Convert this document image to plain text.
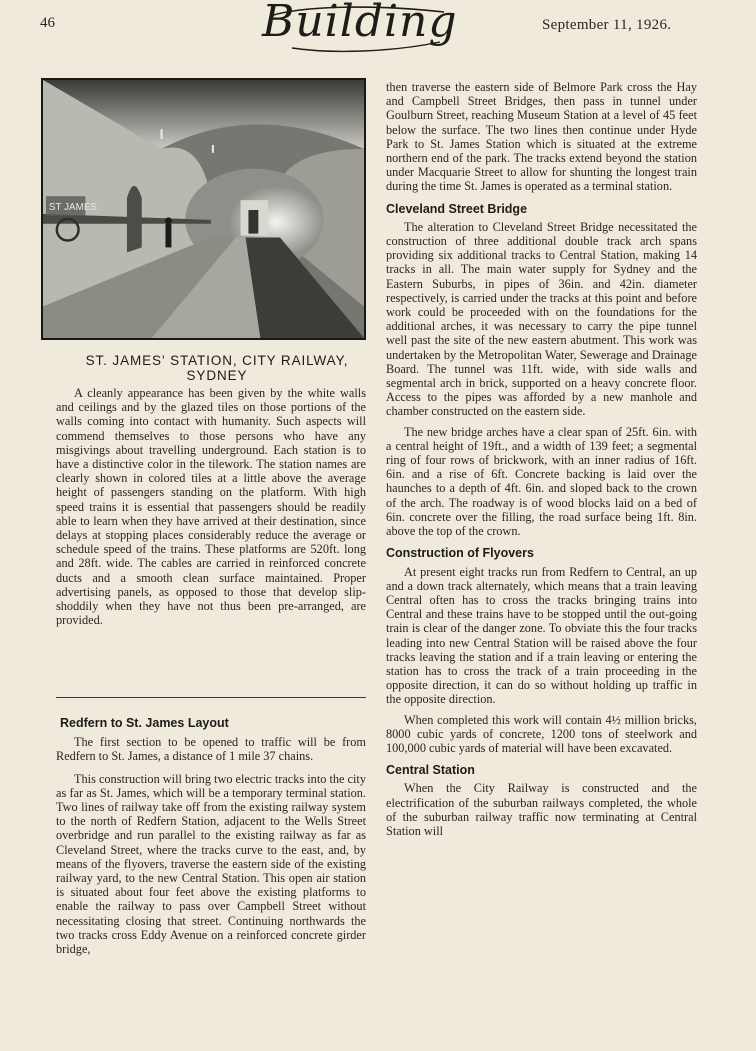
46	Building	September 11, 1926.
ST JAMES
ST. JAMES' STATION, CITY RAILWAY,
SYDNEY

A cleanly appearance has been given by the white walls and ceilings and by the glazed tiles on those portions of the walls coming into contact with humanity. Such aspects will commend themselves to those persons who have any misgivings about travelling underground. Each station is to have a distinctive color in the tilework. The station names are clearly shown in colored tiles at a little above the average height of passengers standing on the platform. With high speed trains it is essential that passengers should be readily able to learn when they have arrived at their destination, since delays at stopping places considerably reduce the average or schedule speed of the trains. These platforms are 520ft. long and 28ft. wide. The cables are carried in reinforced concrete ducts and a smooth clean surface maintained. Proper advertising panels, as opposed to those that develop slip-shoddily when they have not thus been pre-arranged, are provided.

Redfern to St. James Layout

The first section to be opened to traffic will be from Redfern to St. James, a distance of 1 mile 37 chains.

This construction will bring two electric tracks into the city as far as St. James, which will be a temporary terminal station. Two lines of railway take off from the existing railway system to the north of Redfern Station, adjacent to the Wells Street overbridge and run parallel to the existing railway as far as Cleveland Street, where the tracks curve to the east, and, by means of the flyovers, traverse the eastern side of the existing railway yard, to the new Central Station. This open air station is situated about four feet above the existing platforms to enable the railway to pass over Campbell Street without necessitating closing that street. Continuing northwards the two tracks cross Eddy Avenue on a reinforced concrete girder bridge,

then traverse the eastern side of Belmore Park cross the Hay and Campbell Street Bridges, then pass in tunnel under Goulburn Street, reaching Museum Station at a level of 45 feet below the surface. The two lines then continue under Hyde Park to St. James Station which is situated at the extreme northern end of the park. The tracks extend beyond the station under Macquarie Street to allow for shunting the longest train during the time St. James is operated as a terminal station.

Cleveland Street Bridge

The alteration to Cleveland Street Bridge necessitated the construction of three additional double track arch spans providing six additional tracks to Central Station, making 14 tracks in all. The main water supply for Sydney and the Eastern Suburbs, in pipes of 36in. and 42in. diameter respectively, is carried under the tracks at this point and before work could be proceeded with on the foundations for the additional arches, it was necessary to carry the pipe tunnel well past the site of the new eastern abutment. This work was undertaken by the Metropolitan Water, Sewerage and Drainage Board. The tunnel was 11ft. wide, with side walls and segmental arch in brick, supported on a heavy concrete floor. Access to the pipes was afforded by a new manhole and chamber constructed on the eastern side.

The new bridge arches have a clear span of 25ft. 6in. with a central height of 19ft., and a width of 139 feet; a segmental ring of four rows of brickwork, with an inner radius of 16ft. 6in. and a rise of 6ft. Concrete backing is laid over the haunches to a depth of 4ft. 6in. and sloped back to the crown of the arch. The roadway is of wood blocks laid on a bed of 6in. concrete over the filling, the road surface being 1ft. 8in. above the top of the crown.

Construction of Flyovers

At present eight tracks run from Redfern to Central, an up and a down track alternately, which means that a train leaving Central often has to cross the tracks bringing trains into Central and these trains have to be stopped until the out-going train is clear of the danger zone. To obviate this the four tracks leading into new Central Station will be raised above the four tracks leaving the station and if a train leaving or entering the station has to cross the track of a train proceeding in the opposite direction, it can do so without holding up traffic in the opposite direction.

When completed this work will contain 4½ million bricks, 8000 cubic yards of concrete, 1200 tons of steelwork and 100,000 cubic yards of material will have been excavated.

Central Station

When the City Railway is constructed and the electrification of the suburban railways completed, the whole of the suburban railway traffic now terminating at Central Station will
